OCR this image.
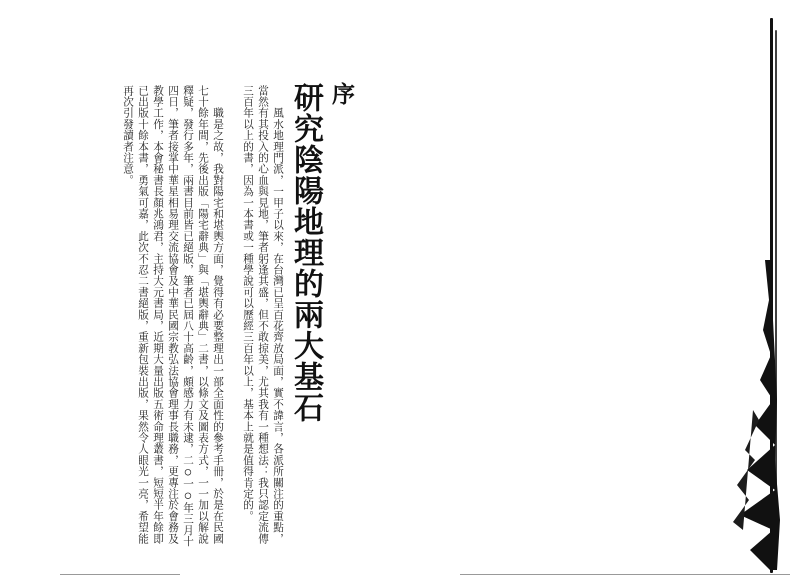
序
研究陰陽地理的兩大基石
　　風水地理門派，一甲子以來，在台灣已呈百花齊放局面，實不諱言，各派所關注的重點，
當然有其投入的心血與見地，筆者躬逢其盛，但不敢掠美，尤其我有一種想法：我只認定流傳
三百年以上的書，因為一本書或一種學說可以歷經三百年以上，基本上就是值得肯定的。

　　職是之故，我對陽宅和堪輿方面，覺得有必要整理出一部全面性的參考手冊，於是在民國
七十餘年間，先後出版「陽宅辭典」與「堪輿辭典」二書，以條文及圖表方式，一一加以解說
釋疑，發行多年，兩書目前皆已絕版，筆者已屆八十高齡，頗感力有未逮，二○一○年三月十
四日，筆者接掌中華星相易理交流協會及中華民國宗教弘法協會理事長職務，更專注於會務及
教學工作，本會秘書長顏兆鴻君，主持大元書局，近期大量出版五術命理叢書，短短半年餘即
已出版十餘本書，勇氣可嘉，此次不忍二書絕版，重新包裝出版，果然令人眼光一亮，希望能
再次引發讀者注意。
